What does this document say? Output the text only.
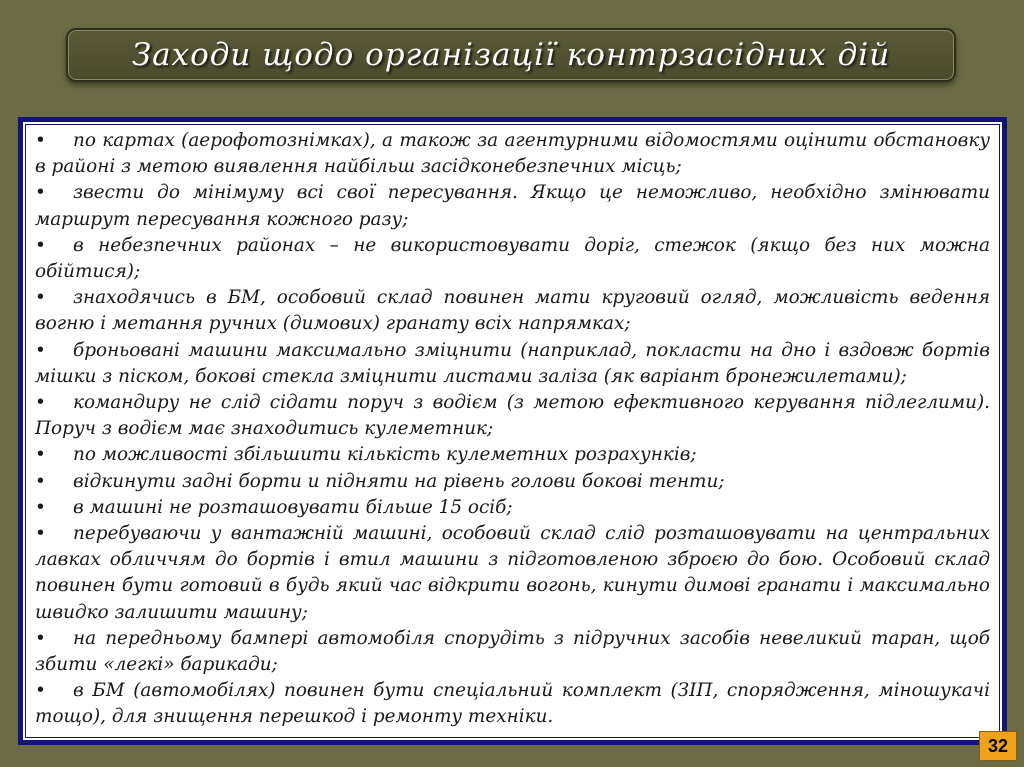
Заходи щодо організації контрзасідних дій
• по картах (аерофотознімках), а також за агентурними відомостями оцінити обстановку в районі з метою виявлення найбільш засідконебезпечних місць;
• звести до мінімуму всі свої пересування. Якщо це неможливо, необхідно змінювати маршрут пересування кожного разу;
• в небезпечних районах – не використовувати доріг, стежок (якщо без них можна обійтися);
• знаходячись в БМ, особовий склад повинен мати круговий огляд, можливість ведення вогню і метання ручних (димових) гранату всіх напрямках;
• броньовані машини максимально зміцнити (наприклад, покласти на дно і вздовж бортів мішки з піском, бокові стекла зміцнити листами заліза (як варіант бронежилетами);
• командиру не слід сідати поруч з водієм (з метою ефективного керування підлеглими). Поруч з водієм має знаходитись кулеметник;
• по можливості збільшити кількість кулеметних розрахунків;
• відкинути задні борти и підняти на рівень голови бокові тенти;
• в машині не розташовувати більше 15 осіб;
• перебуваючи у вантажній машині, особовий склад слід розташовувати на центральних лавках обличчям до бортів і втил машини з підготовленою зброєю до бою. Особовий склад повинен бути готовий в будь який час відкрити вогонь, кинути димові гранати і максимально швидко залишити машину;
• на передньому бампері автомобіля спорудіть з підручних засобів невеликий таран, щоб збити «легкі» барикади;
• в БМ (автомобілях) повинен бути спеціальний комплект (ЗІП, спорядження, міношукачі тощо), для знищення перешкод і ремонту техніки.
32
